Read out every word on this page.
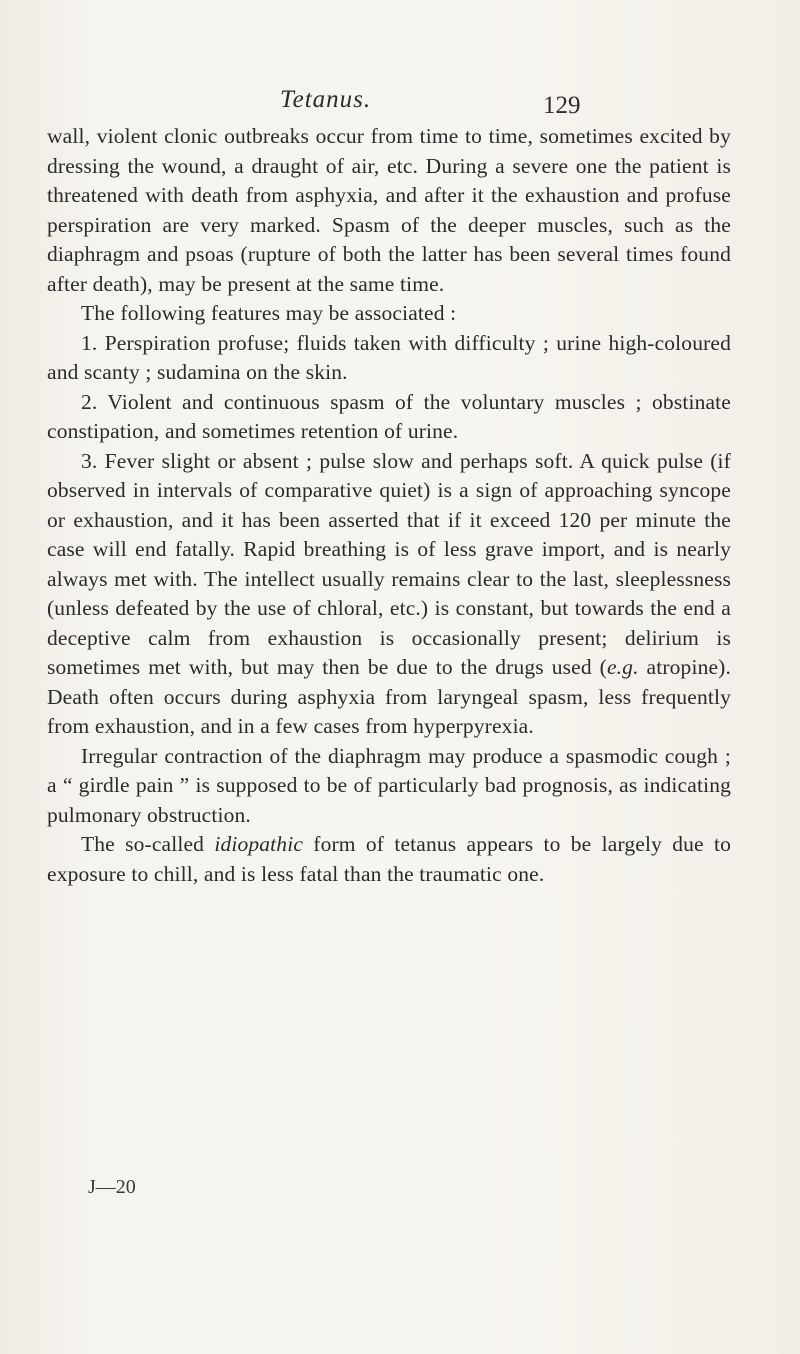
Tetanus.	129

wall, violent clonic outbreaks occur from time to time, sometimes excited by dressing the wound, a draught of air, etc. During a severe one the patient is threatened with death from asphyxia, and after it the exhaustion and profuse perspiration are very marked. Spasm of the deeper muscles, such as the diaphragm and psoas (rupture of both the latter has been several times found after death), may be present at the same time.

The following features may be associated :

1. Perspiration profuse; fluids taken with difficulty ; urine high-coloured and scanty ; sudamina on the skin.

2. Violent and continuous spasm of the voluntary muscles ; obstinate constipation, and sometimes retention of urine.

3. Fever slight or absent ; pulse slow and perhaps soft. A quick pulse (if observed in intervals of comparative quiet) is a sign of approaching syncope or exhaustion, and it has been asserted that if it exceed 120 per minute the case will end fatally. Rapid breathing is of less grave import, and is nearly always met with. The intellect usually remains clear to the last, sleeplessness (unless defeated by the use of chloral, etc.) is constant, but towards the end a deceptive calm from exhaustion is occasionally present; delirium is sometimes met with, but may then be due to the drugs used (e.g. atropine). Death often occurs during asphyxia from laryngeal spasm, less frequently from exhaustion, and in a few cases from hyperpyrexia.

Irregular contraction of the diaphragm may produce a spasmodic cough ; a “ girdle pain ” is supposed to be of particularly bad prognosis, as indicating pulmonary obstruction.

The so-called idiopathic form of tetanus appears to be largely due to exposure to chill, and is less fatal than the traumatic one.

J—20
